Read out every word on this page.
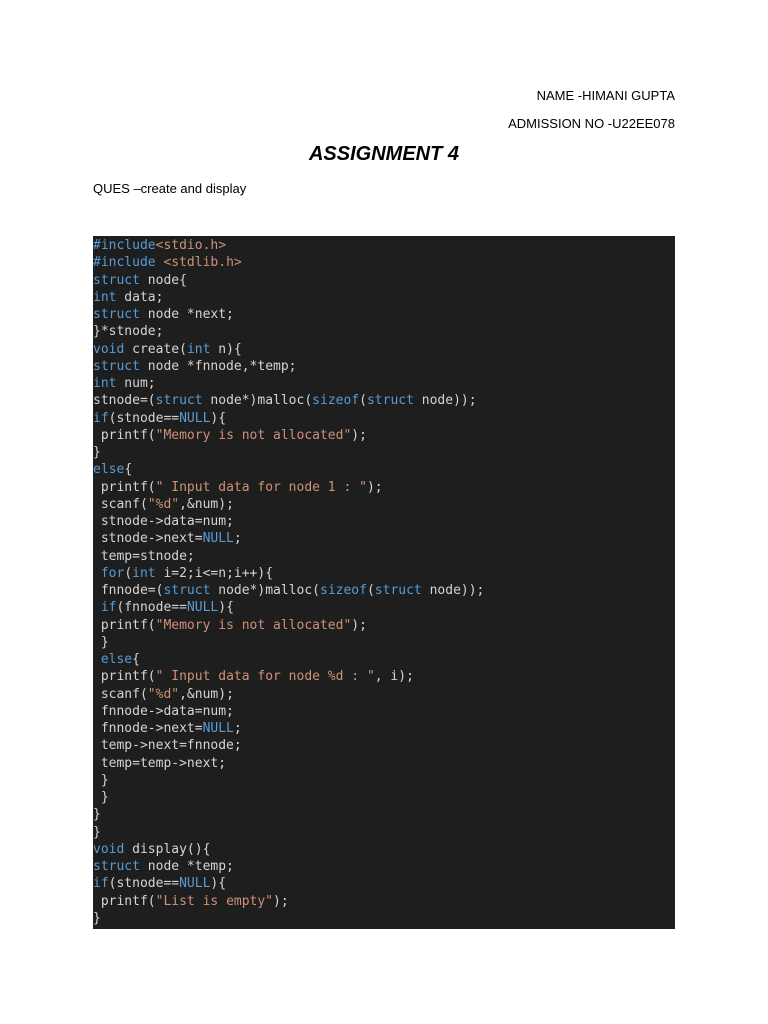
NAME -HIMANI GUPTA
ADMISSION NO -U22EE078
ASSIGNMENT 4
QUES –create and display
#include<stdio.h>
#include <stdlib.h>
struct node{
int data;
struct node *next;
}*stnode;
void create(int n){
struct node *fnnode,*temp;
int num;
stnode=(struct node*)malloc(sizeof(struct node));
if(stnode==NULL){
printf("Memory is not allocated");
}
else{
printf(" Input data for node 1 : ");
scanf("%d",&num);
stnode->data=num;
stnode->next=NULL;
temp=stnode;
for(int i=2;i<=n;i++){
fnnode=(struct node*)malloc(sizeof(struct node));
if(fnnode==NULL){
printf("Memory is not allocated");
}
else{
printf(" Input data for node %d : ", i);
scanf("%d",&num);
fnnode->data=num;
fnnode->next=NULL;
temp->next=fnnode;
temp=temp->next;
}
}
}
}
void display(){
struct node *temp;
if(stnode==NULL){
printf("List is empty");
}
